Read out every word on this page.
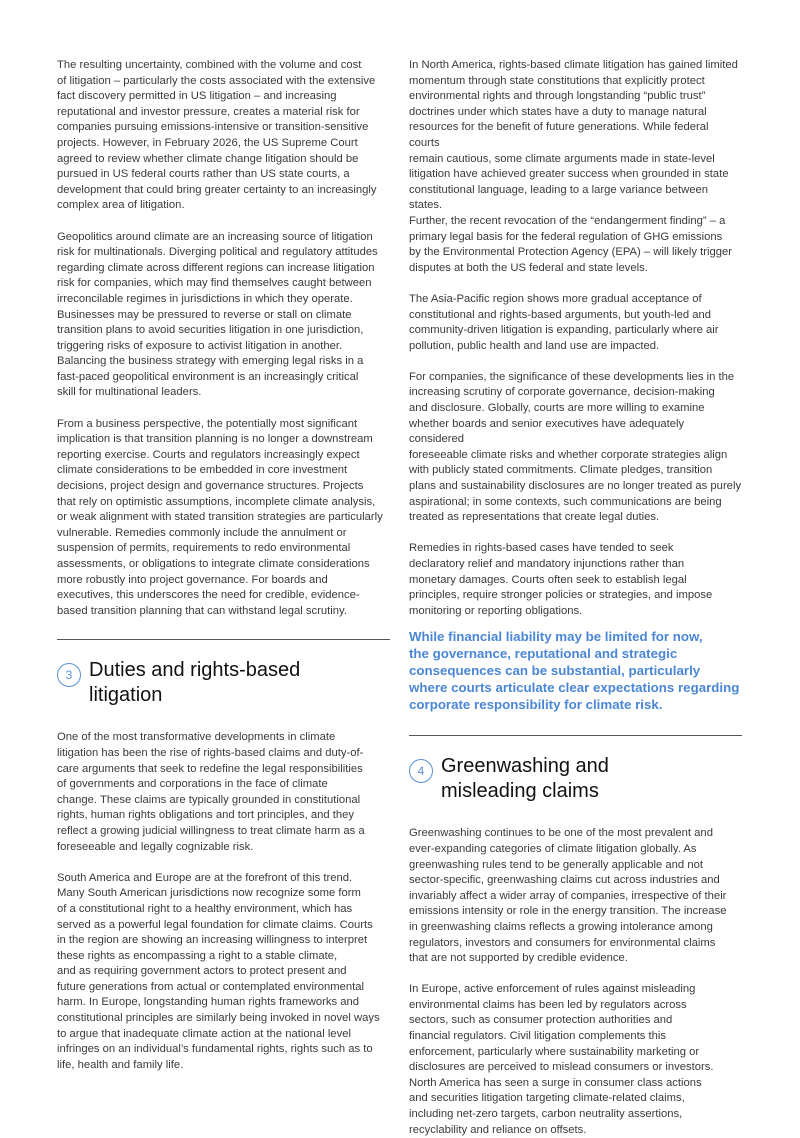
The resulting uncertainty, combined with the volume and cost
of litigation – particularly the costs associated with the extensive
fact discovery permitted in US litigation – and increasing
reputational and investor pressure, creates a material risk for
companies pursuing emissions-intensive or transition-sensitive
projects. However, in February 2026, the US Supreme Court
agreed to review whether climate change litigation should be
pursued in US federal courts rather than US state courts, a
development that could bring greater certainty to an increasingly
complex area of litigation.

Geopolitics around climate are an increasing source of litigation
risk for multinationals. Diverging political and regulatory attitudes
regarding climate across different regions can increase litigation
risk for companies, which may find themselves caught between
irreconcilable regimes in jurisdictions in which they operate.
Businesses may be pressured to reverse or stall on climate
transition plans to avoid securities litigation in one jurisdiction,
triggering risks of exposure to activist litigation in another.
Balancing the business strategy with emerging legal risks in a
fast-paced geopolitical environment is an increasingly critical
skill for multinational leaders.

From a business perspective, the potentially most significant
implication is that transition planning is no longer a downstream
reporting exercise. Courts and regulators increasingly expect
climate considerations to be embedded in core investment
decisions, project design and governance structures. Projects
that rely on optimistic assumptions, incomplete climate analysis,
or weak alignment with stated transition strategies are particularly
vulnerable. Remedies commonly include the annulment or
suspension of permits, requirements to redo environmental
assessments, or obligations to integrate climate considerations
more robustly into project governance. For boards and
executives, this underscores the need for credible, evidence-
based transition planning that can withstand legal scrutiny.

3 Duties and rights-based
litigation

One of the most transformative developments in climate
litigation has been the rise of rights-based claims and duty-of-
care arguments that seek to redefine the legal responsibilities
of governments and corporations in the face of climate
change. These claims are typically grounded in constitutional
rights, human rights obligations and tort principles, and they
reflect a growing judicial willingness to treat climate harm as a
foreseeable and legally cognizable risk.

South America and Europe are at the forefront of this trend.
Many South American jurisdictions now recognize some form
of a constitutional right to a healthy environment, which has
served as a powerful legal foundation for climate claims. Courts
in the region are showing an increasing willingness to interpret
these rights as encompassing a right to a stable climate,
and as requiring government actors to protect present and
future generations from actual or contemplated environmental
harm. In Europe, longstanding human rights frameworks and
constitutional principles are similarly being invoked in novel ways
to argue that inadequate climate action at the national level
infringes on an individual’s fundamental rights, rights such as to
life, health and family life.

In North America, rights-based climate litigation has gained limited
momentum through state constitutions that explicitly protect
environmental rights and through longstanding “public trust”
doctrines under which states have a duty to manage natural
resources for the benefit of future generations. While federal courts
remain cautious, some climate arguments made in state-level
litigation have achieved greater success when grounded in state
constitutional language, leading to a large variance between states.
Further, the recent revocation of the “endangerment finding” – a
primary legal basis for the federal regulation of GHG emissions
by the Environmental Protection Agency (EPA) – will likely trigger
disputes at both the US federal and state levels.

The Asia-Pacific region shows more gradual acceptance of
constitutional and rights-based arguments, but youth-led and
community-driven litigation is expanding, particularly where air
pollution, public health and land use are impacted.

For companies, the significance of these developments lies in the
increasing scrutiny of corporate governance, decision-making
and disclosure. Globally, courts are more willing to examine
whether boards and senior executives have adequately considered
foreseeable climate risks and whether corporate strategies align
with publicly stated commitments. Climate pledges, transition
plans and sustainability disclosures are no longer treated as purely
aspirational; in some contexts, such communications are being
treated as representations that create legal duties.

Remedies in rights-based cases have tended to seek
declaratory relief and mandatory injunctions rather than
monetary damages. Courts often seek to establish legal
principles, require stronger policies or strategies, and impose
monitoring or reporting obligations.

While financial liability may be limited for now,
the governance, reputational and strategic
consequences can be substantial, particularly
where courts articulate clear expectations regarding
corporate responsibility for climate risk.

4 Greenwashing and
misleading claims

Greenwashing continues to be one of the most prevalent and
ever-expanding categories of climate litigation globally. As
greenwashing rules tend to be generally applicable and not
sector-specific, greenwashing claims cut across industries and
invariably affect a wider array of companies, irrespective of their
emissions intensity or role in the energy transition. The increase
in greenwashing claims reflects a growing intolerance among
regulators, investors and consumers for environmental claims
that are not supported by credible evidence.

In Europe, active enforcement of rules against misleading
environmental claims has been led by regulators across
sectors, such as consumer protection authorities and
financial regulators. Civil litigation complements this
enforcement, particularly where sustainability marketing or
disclosures are perceived to mislead consumers or investors.
North America has seen a surge in consumer class actions
and securities litigation targeting climate-related claims,
including net-zero targets, carbon neutrality assertions,
recyclability and reliance on offsets.
